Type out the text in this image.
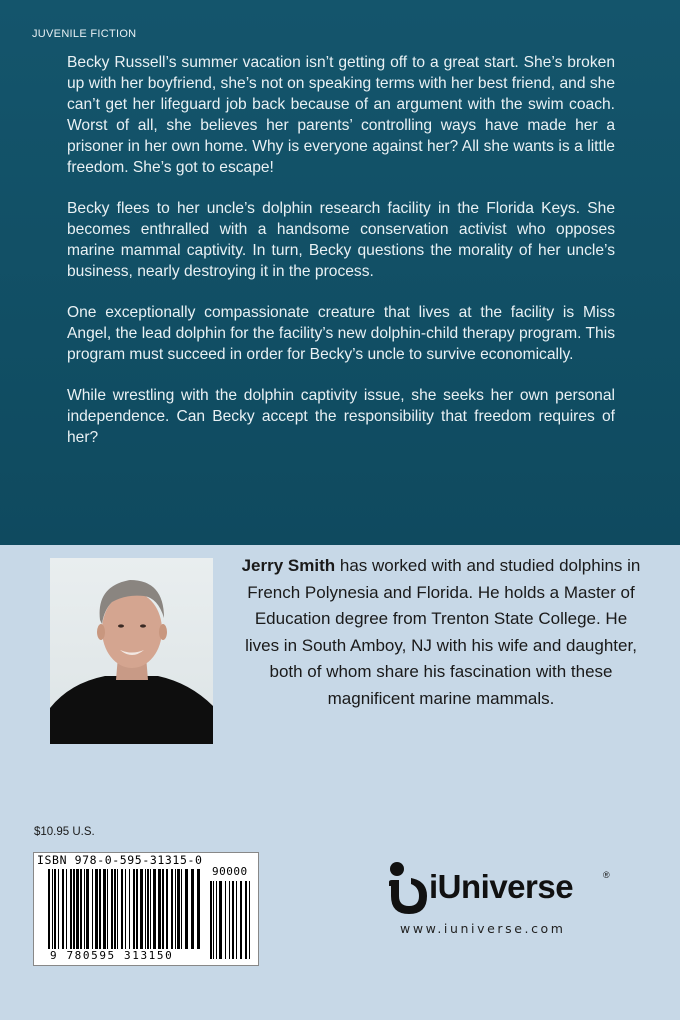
JUVENILE FICTION

Becky Russell’s summer vacation isn’t getting off to a great start. She’s broken up with her boyfriend, she’s not on speaking terms with her best friend, and she can’t get her lifeguard job back because of an argument with the swim coach. Worst of all, she believes her parents’ controlling ways have made her a prisoner in her own home. Why is everyone against her? All she wants is a little freedom. She’s got to escape!

Becky flees to her uncle’s dolphin research facility in the Florida Keys. She becomes enthralled with a handsome conservation activist who opposes marine mammal captivity. In turn, Becky questions the morality of her uncle’s business, nearly destroying it in the process.

One exceptionally compassionate creature that lives at the facility is Miss Angel, the lead dolphin for the facility’s new dolphin-child therapy program. This program must succeed in order for Becky’s uncle to survive economically.

While wrestling with the dolphin captivity issue, she seeks her own personal independence. Can Becky accept the responsibility that freedom requires of her?

Jerry Smith has worked with and studied dolphins in French Polynesia and Florida. He holds a Master of Education degree from Trenton State College. He lives in South Amboy, NJ with his wife and daughter, both of whom share his fascination with these magnificent marine mammals.
$10.95 U.S.
ISBN 978-0-595-31315-0
90000
9 780595 313150
iUniverse	®
www.iuniverse.com
